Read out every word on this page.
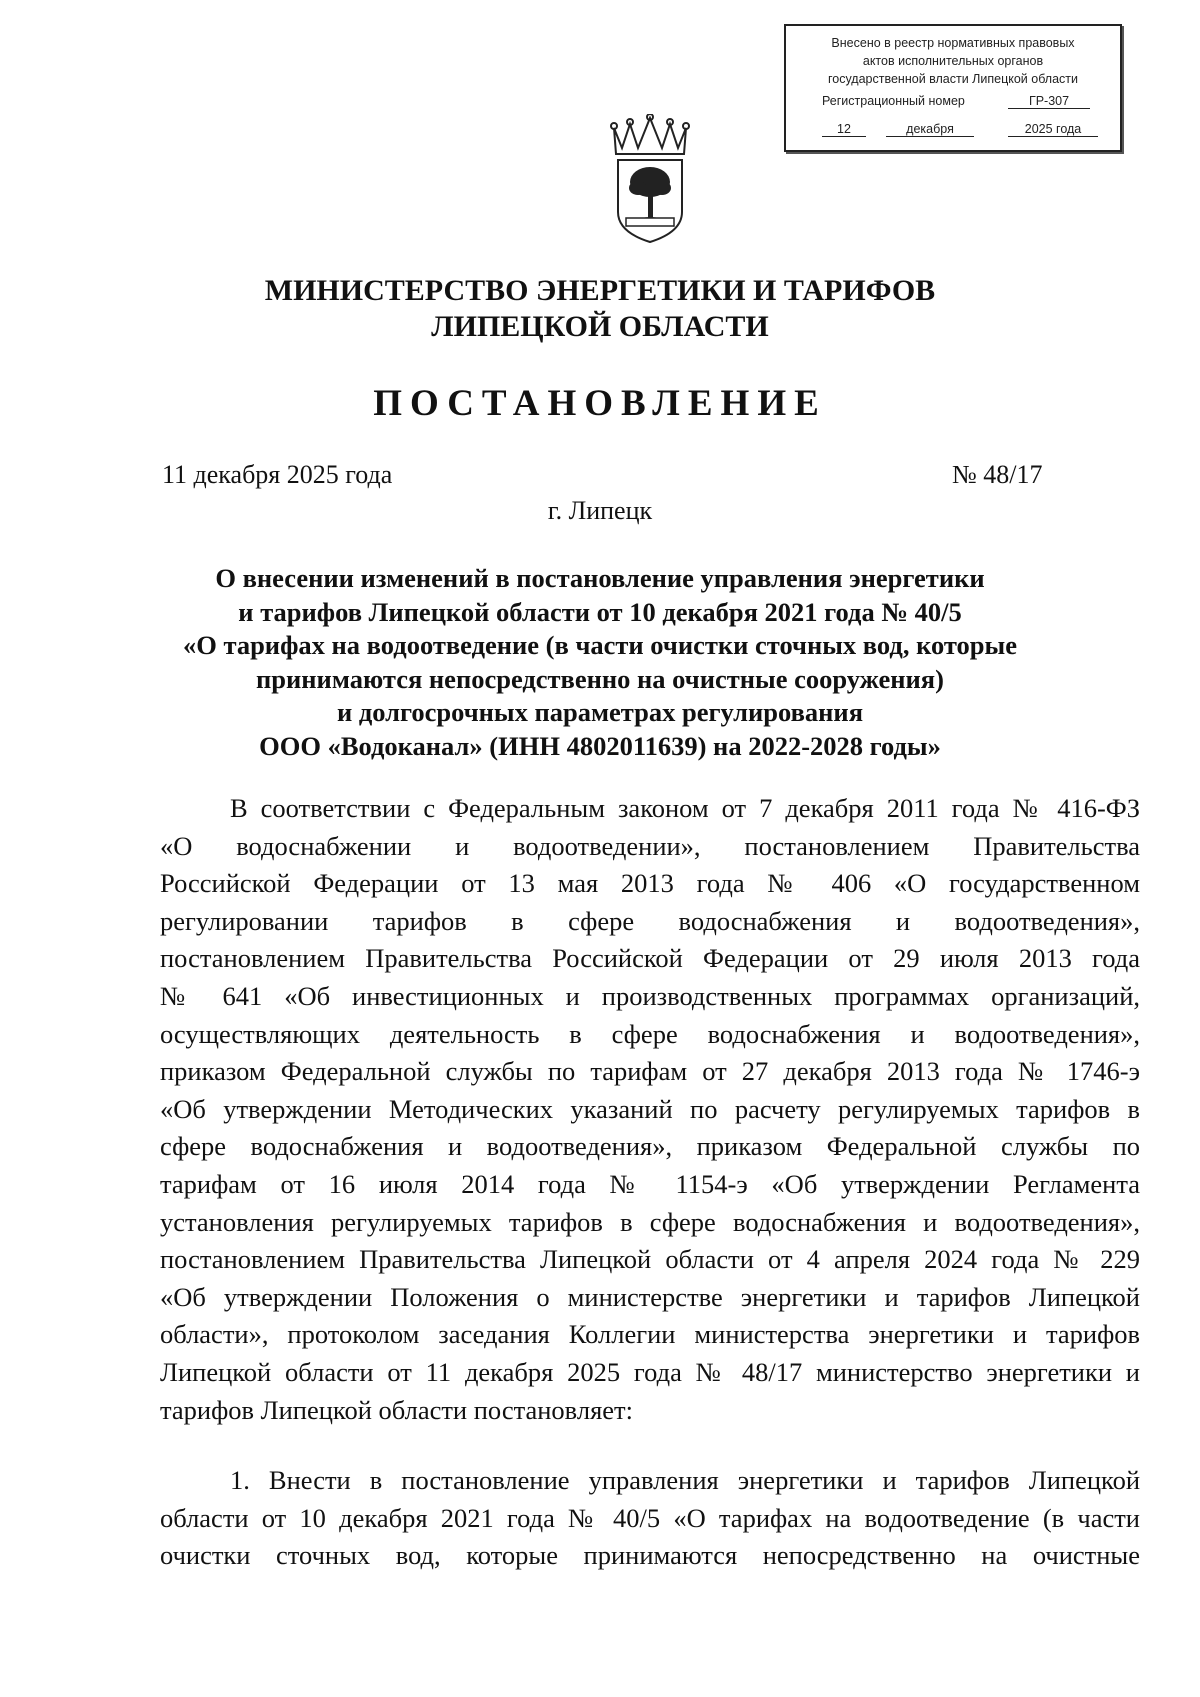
Внесено в реестр нормативных правовых
актов исполнительных органов
государственной власти Липецкой области
Регистрационный номер	ГР-307
12	декабря	2025 года
МИНИСТЕРСТВО ЭНЕРГЕТИКИ И ТАРИФОВ
ЛИПЕЦКОЙ ОБЛАСТИ
ПОСТАНОВЛЕНИЕ
11 декабря 2025 года	№ 48/17
г. Липецк
О внесении изменений в постановление управления энергетики
и тарифов Липецкой области от 10 декабря 2021 года № 40/5
«О тарифах на водоотведение (в части очистки сточных вод, которые
принимаются непосредственно на очистные сооружения)
и долгосрочных параметрах регулирования
ООО «Водоканал» (ИНН 4802011639) на 2022-2028 годы»
В соответствии с Федеральным законом от 7 декабря 2011 года № 416-ФЗ
«О водоснабжении и водоотведении», постановлением Правительства
Российской Федерации от 13 мая 2013 года № 406 «О государственном
регулировании тарифов в сфере водоснабжения и водоотведения»,
постановлением Правительства Российской Федерации от 29 июля 2013 года
№ 641 «Об инвестиционных и производственных программах организаций,
осуществляющих деятельность в сфере водоснабжения и водоотведения»,
приказом Федеральной службы по тарифам от 27 декабря 2013 года № 1746-э
«Об утверждении Методических указаний по расчету регулируемых тарифов в
сфере водоснабжения и водоотведения», приказом Федеральной службы по
тарифам от 16 июля 2014 года № 1154-э «Об утверждении Регламента
установления регулируемых тарифов в сфере водоснабжения и водоотведения»,
постановлением Правительства Липецкой области от 4 апреля 2024 года № 229
«Об утверждении Положения о министерстве энергетики и тарифов Липецкой
области», протоколом заседания Коллегии министерства энергетики и тарифов
Липецкой области от 11 декабря 2025 года № 48/17 министерство энергетики и
тарифов Липецкой области постановляет:
1. Внести в постановление управления энергетики и тарифов Липецкой
области от 10 декабря 2021 года № 40/5 «О тарифах на водоотведение (в части
очистки сточных вод, которые принимаются непосредственно на очистные
